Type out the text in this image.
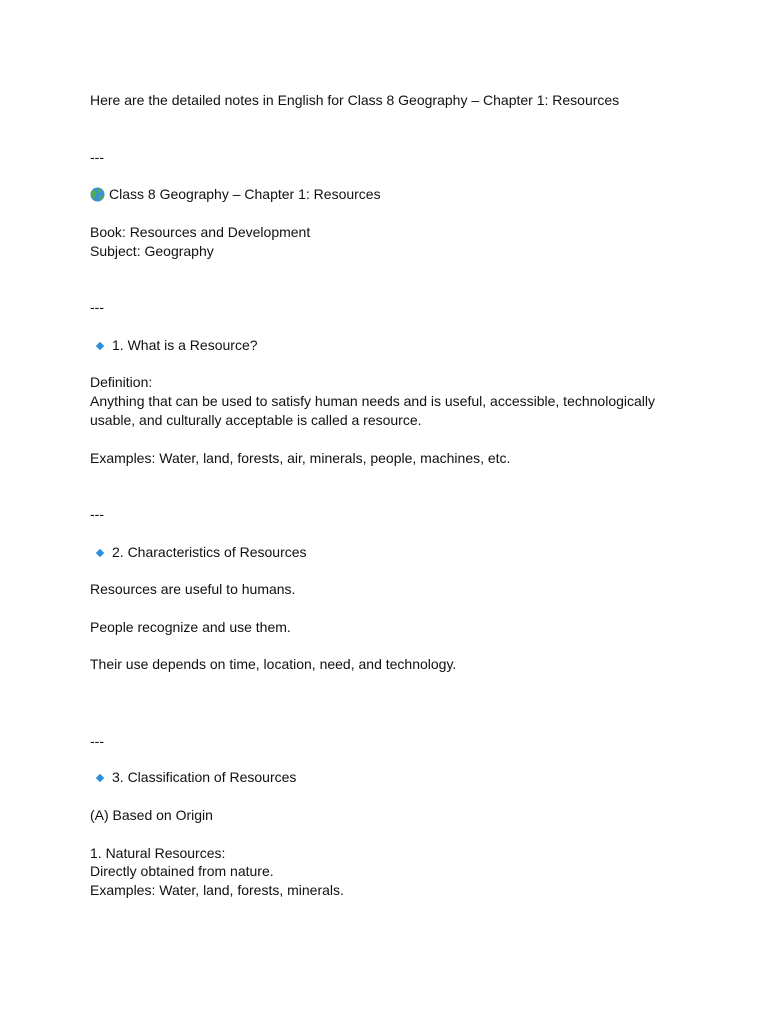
Here are the detailed notes in English for Class 8 Geography – Chapter 1: Resources

---

Class 8 Geography – Chapter 1: Resources

Book: Resources and Development

Subject: Geography

---

1. What is a Resource?

Definition:

Anything that can be used to satisfy human needs and is useful, accessible, technologically

usable, and culturally acceptable is called a resource.

Examples: Water, land, forests, air, minerals, people, machines, etc.

---

2. Characteristics of Resources

Resources are useful to humans.

People recognize and use them.

Their use depends on time, location, need, and technology.

---

3. Classification of Resources

(A) Based on Origin

1. Natural Resources:

Directly obtained from nature.

Examples: Water, land, forests, minerals.
